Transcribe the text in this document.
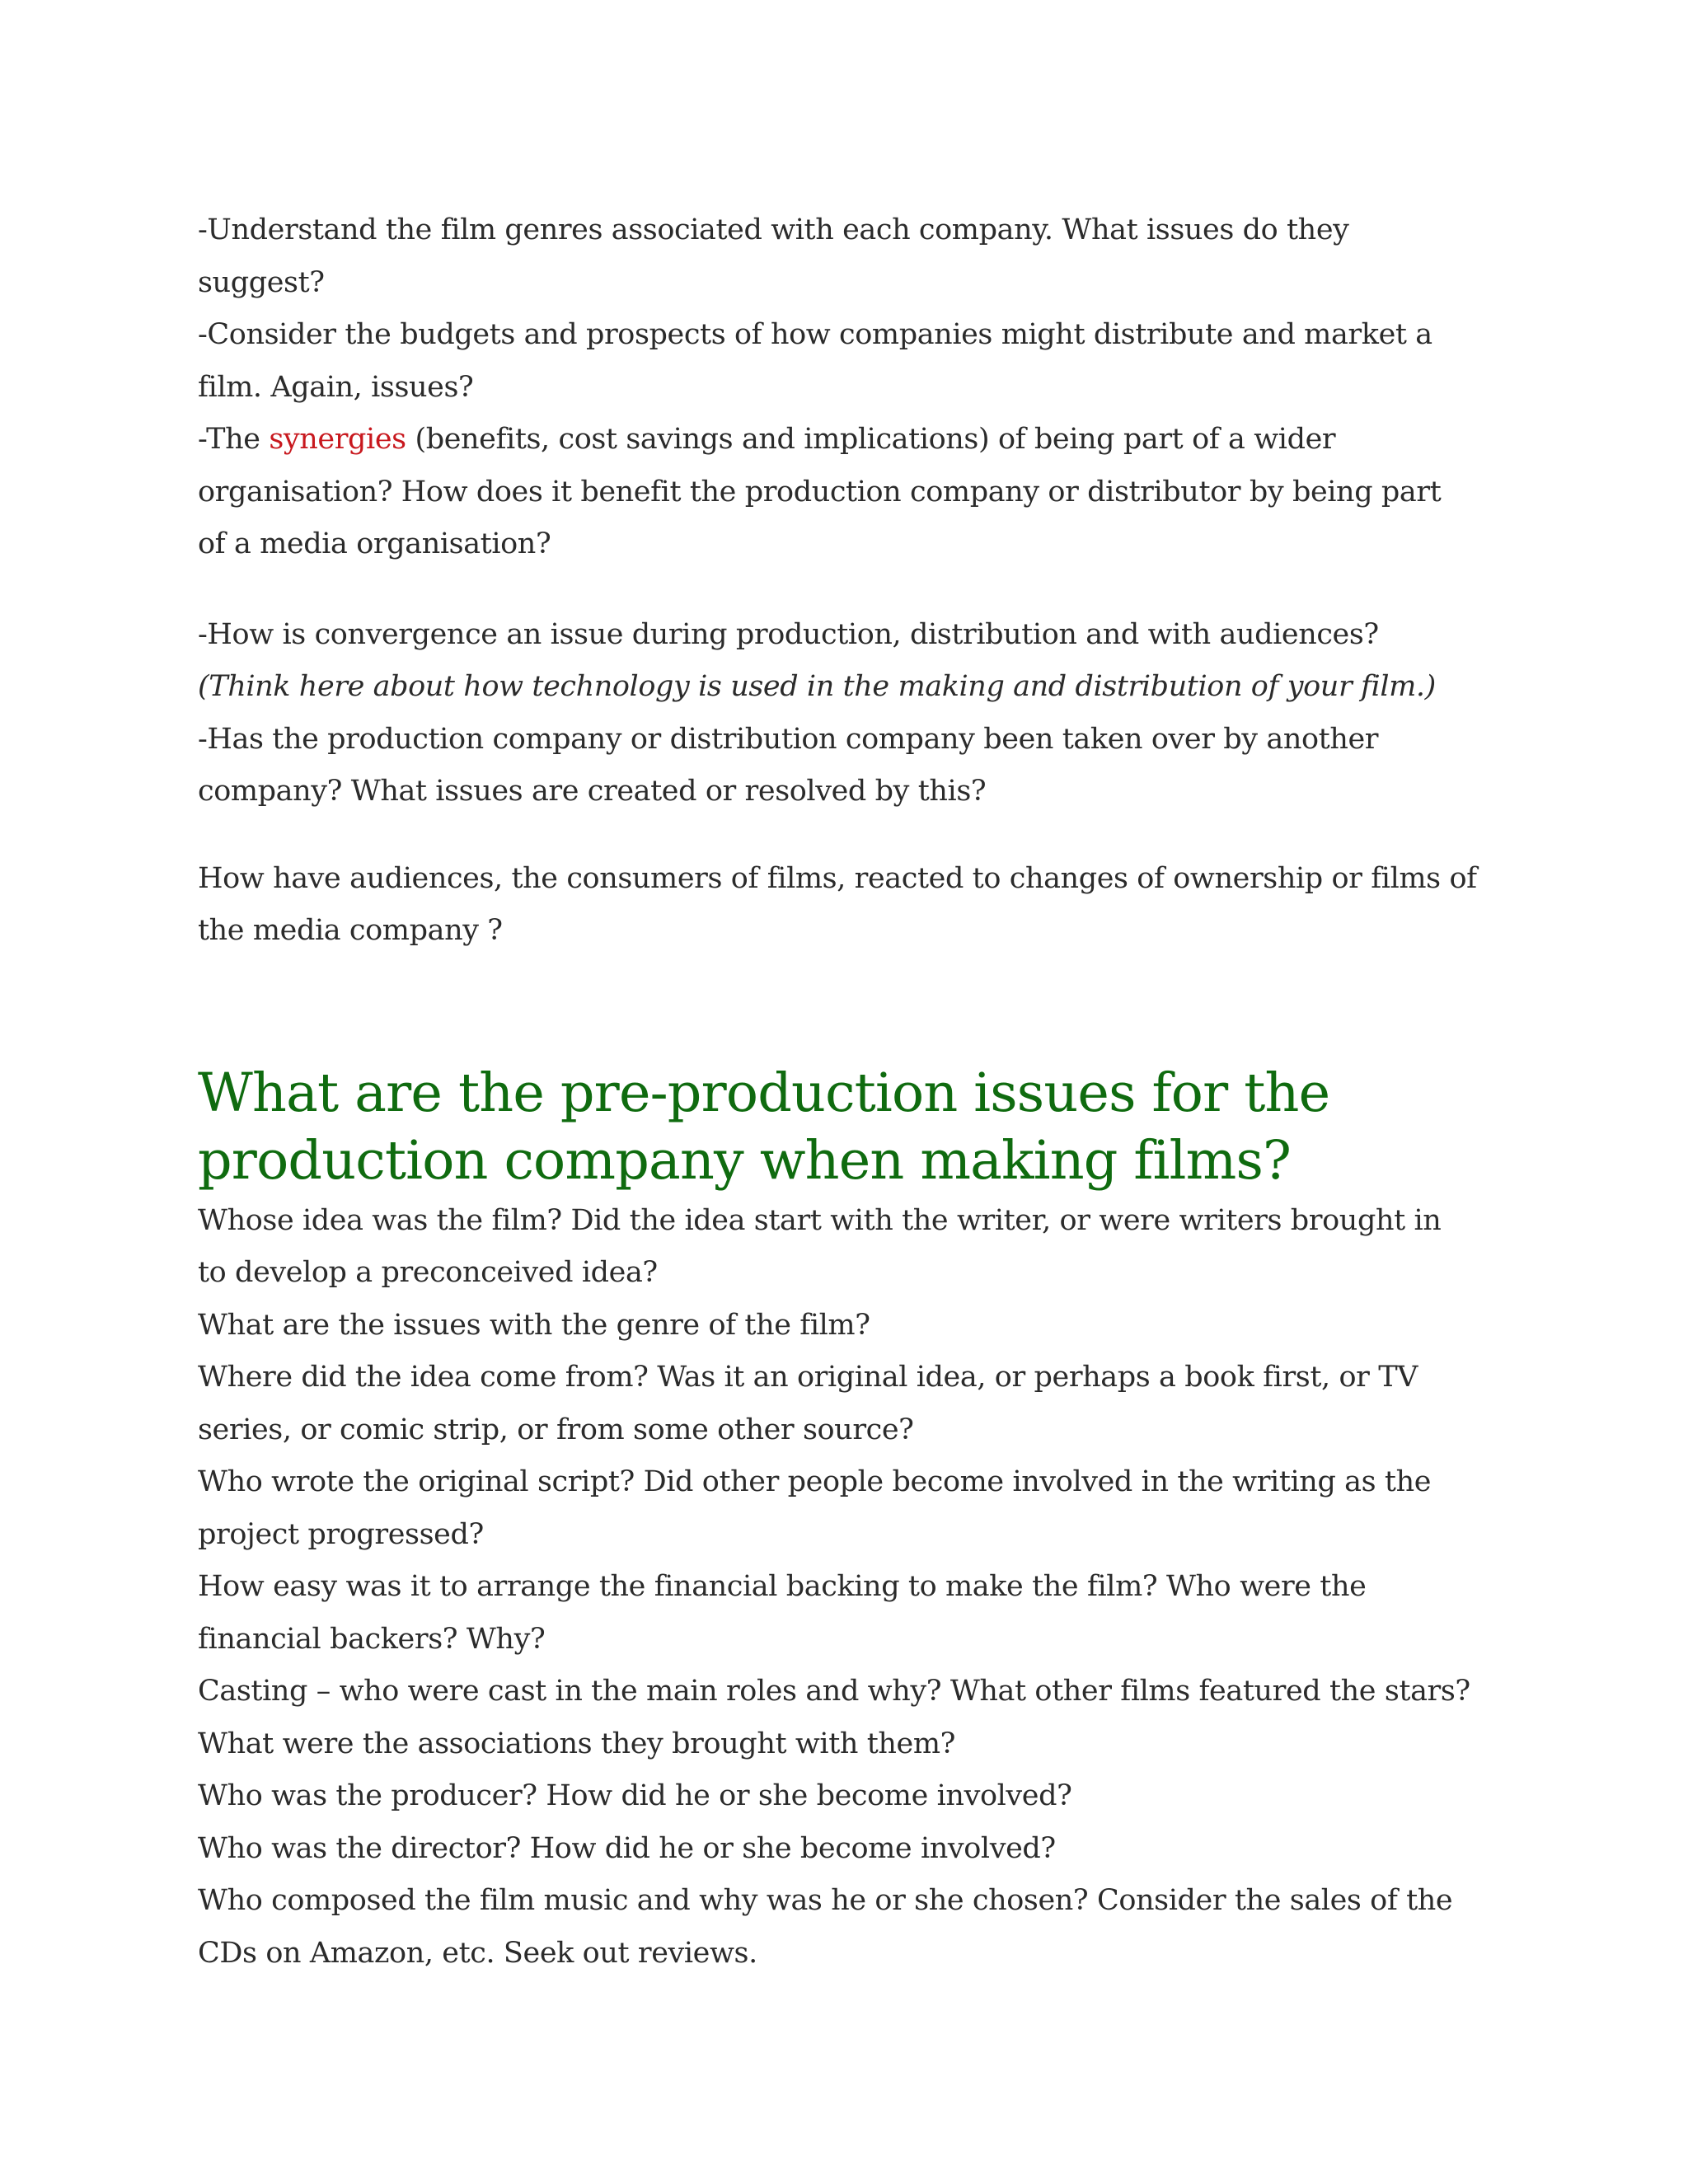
-Understand the film genres associated with each company. What issues do they

suggest?

-Consider the budgets and prospects of how companies might distribute and market a

film. Again, issues?

-The synergies (benefits, cost savings and implications) of being part of a wider

organisation? How does it benefit the production company or distributor by being part

of a media organisation?

-How is convergence an issue during production, distribution and with audiences?

(Think here about how technology is used in the making and distribution of your film.)

-Has the production company or distribution company been taken over by another

company? What issues are created or resolved by this?

How have audiences, the consumers of films, reacted to changes of ownership or films of

the media company ?

What are the pre-production issues for the
production company when making films?

Whose idea was the film? Did the idea start with the writer, or were writers brought in

to develop a preconceived idea?

What are the issues with the genre of the film?

Where did the idea come from? Was it an original idea, or perhaps a book first, or TV

series, or comic strip, or from some other source?

Who wrote the original script? Did other people become involved in the writing as the

project progressed?

How easy was it to arrange the financial backing to make the film? Who were the

financial backers? Why?

Casting – who were cast in the main roles and why? What other films featured the stars?

What were the associations they brought with them?

Who was the producer? How did he or she become involved?

Who was the director? How did he or she become involved?

Who composed the film music and why was he or she chosen? Consider the sales of the

CDs on Amazon, etc. Seek out reviews.
